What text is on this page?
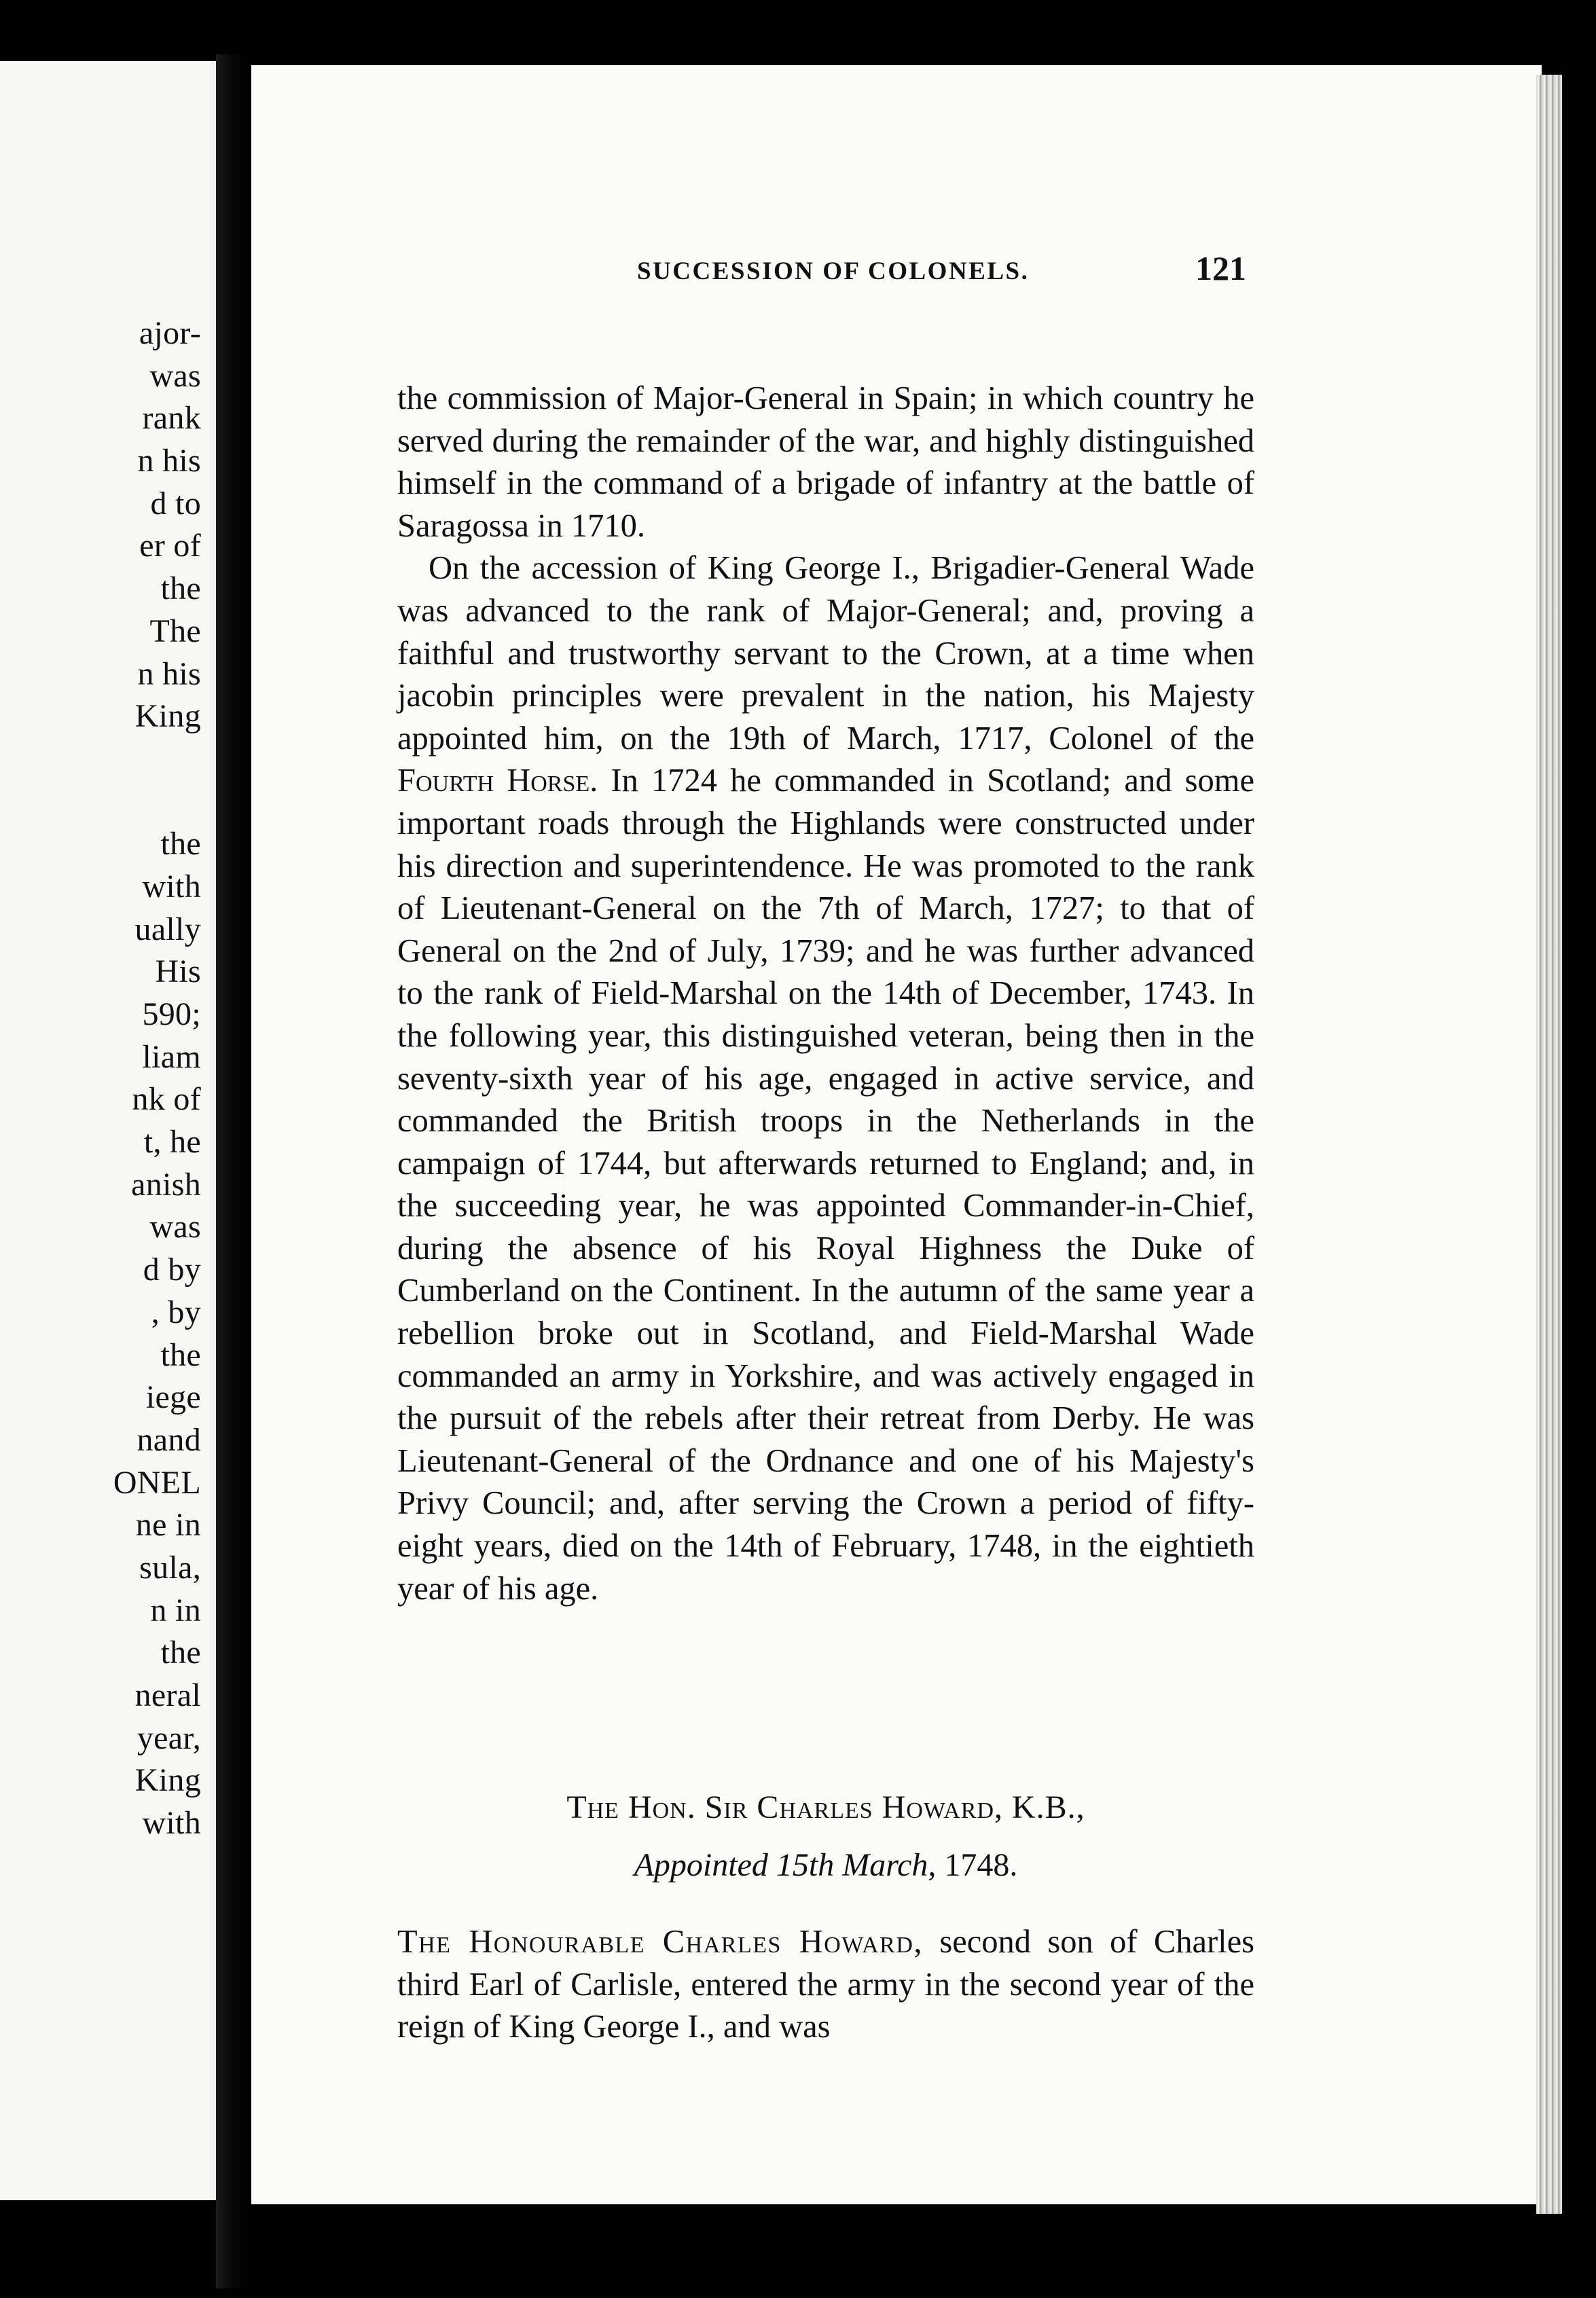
ajor-
was
rank
n his
d to
er of
the
The
n his
King
the
with
ually
His
590;
liam
nk of
t, he
anish
was
d by
, by
the
iege
nand
ONEL
ne in
sula,
n in
the
neral
year,
King
with
SUCCESSION OF COLONELS.	121

the commission of Major-General in Spain; in which country he served during the remainder of the war, and highly distinguished himself in the command of a brigade of infantry at the battle of Saragossa in 1710.

On the accession of King George I., Brigadier-General Wade was advanced to the rank of Major-General; and, proving a faithful and trustworthy servant to the Crown, at a time when jacobin principles were prevalent in the nation, his Majesty appointed him, on the 19th of March, 1717, Colonel of the Fourth Horse. In 1724 he commanded in Scotland; and some important roads through the Highlands were constructed under his direction and superintendence. He was promoted to the rank of Lieutenant-General on the 7th of March, 1727; to that of General on the 2nd of July, 1739; and he was further advanced to the rank of Field-Marshal on the 14th of December, 1743. In the following year, this distinguished veteran, being then in the seventy-sixth year of his age, engaged in active service, and commanded the British troops in the Netherlands in the campaign of 1744, but afterwards returned to England; and, in the succeeding year, he was appointed Commander-in-Chief, during the absence of his Royal Highness the Duke of Cumberland on the Continent. In the autumn of the same year a rebellion broke out in Scotland, and Field-Marshal Wade commanded an army in Yorkshire, and was actively engaged in the pursuit of the rebels after their retreat from Derby. He was Lieutenant-General of the Ordnance and one of his Majesty's Privy Council; and, after serving the Crown a period of fifty-eight years, died on the 14th of February, 1748, in the eightieth year of his age.

The Hon. Sir Charles Howard, K.B.,
Appointed 15th March, 1748.

The Honourable Charles Howard, second son of Charles third Earl of Carlisle, entered the army in the second year of the reign of King George I., and was
